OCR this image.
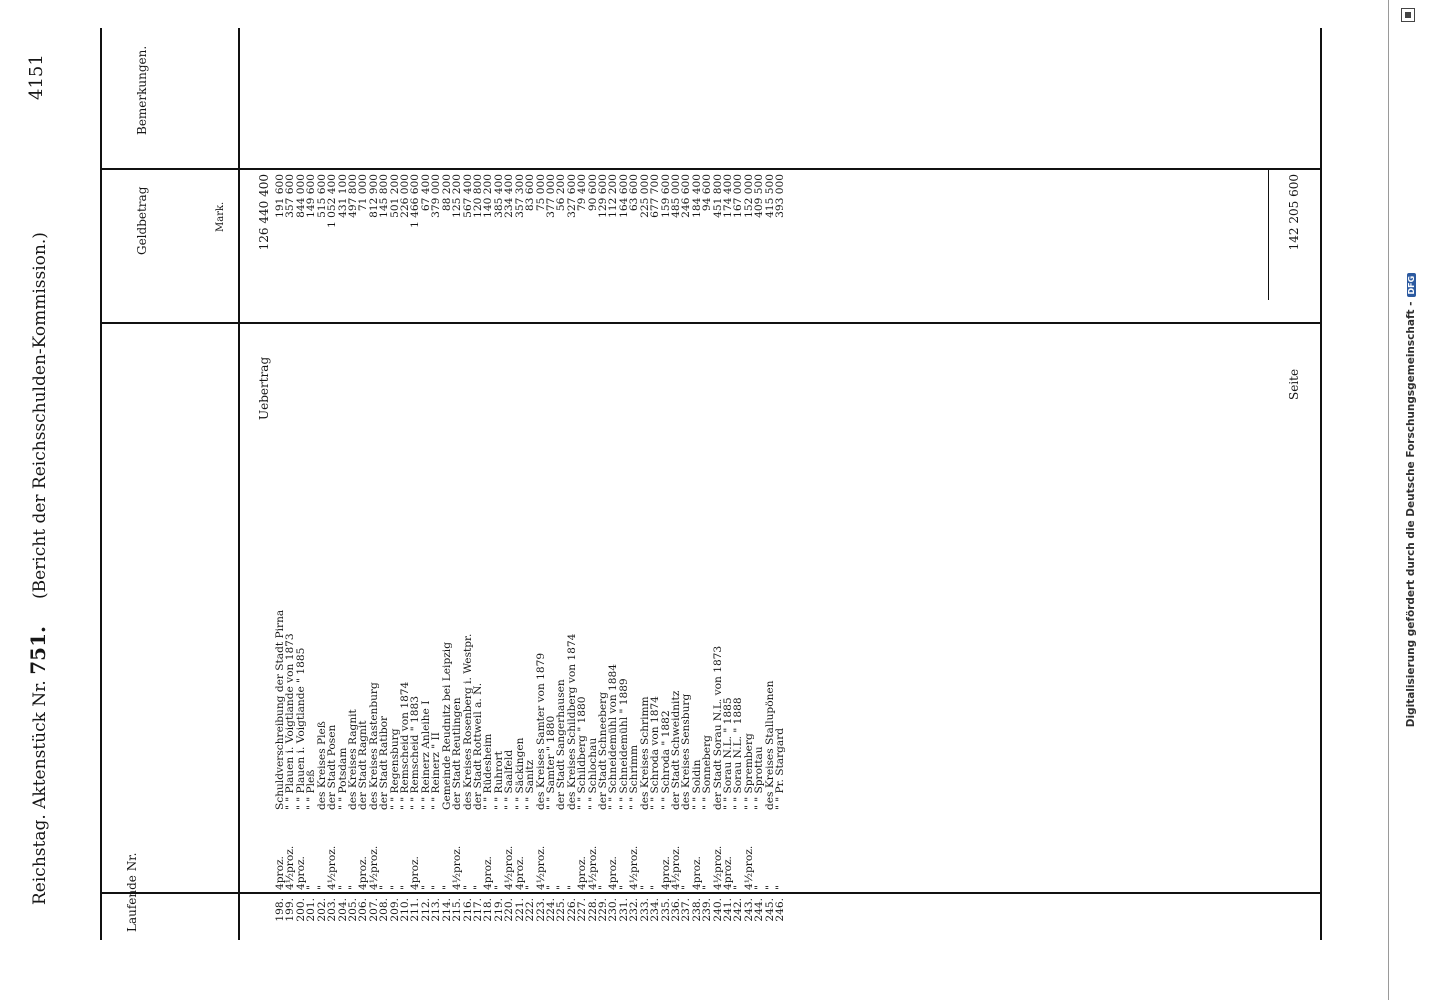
Digitalisierung gefördert durch die Deutsche Forschungsgemeinschaft -DFG
Reichstag. Aktenstück Nr. 751.     (Bericht der Reichsschulden-Kommission.)
4151
Laufende Nr.
Geldbetrag	Mark.
Bemerkungen.
Uebertrag
126 440 400
198.
4proz.
Schuldverschreibung der Stadt Pirna
191 600
199.
4½proz.
" " Plauen i. Voigtlande von 1873
357 600
200.
4proz.
" " Plauen i. Voigtlande " 1885
844 000
201.
"
" " Pleß
149 600
202.
"
des Kreises Pleß
515 600
203.
4½proz.
der Stadt Posen
1 052 400
204.
"
" " Potsdam
431 100
205.
"
des Kreises Ragnit
497 800
206.
4proz.
der Stadt Ragnit
71 000
207.
4½proz.
des Kreises Rastenburg
812 900
208.
"
der Stadt Ratibor
145 800
209.
"
" " Regensburg
501 200
210.
"
" " Remscheid von 1874
226 000
211.
4proz.
" " Remscheid " 1883
1 466 600
212.
"
" " Reinerz Anleihe I
67 400
213.
"
" " Reinerz " II
379 000
214.
"
Gemeinde Reudnitz bei Leipzig
88 200
215.
4½proz.
der Stadt Reutlingen
125 200
216.
"
des Kreises Rosenberg i. Westpr.
567 400
217.
"
der Stadt Rottweil a. N.
120 800
218.
4proz.
" " Rüdesheim
140 200
219.
"
" " Ruhrort
385 400
220.
4½proz.
" " Saalfeld
234 400
221.
4proz.
" " Säckingen
357 300
222.
"
" " Sanitz
83 600
223.
4½proz.
des Kreises Samter von 1879
75 000
224.
"
" " Samter " 1880
377 000
225.
"
der Stadt Sangerhausen
56 200
226.
"
des Kreises Schildberg von 1874
327 600
227.
4proz.
" " Schildberg " 1880
79 400
228.
4½proz.
" " Schlochau
90 600
229.
"
der Stadt Schneeberg
129 600
230.
4proz.
" " Schneidemühl von 1884
112 200
231.
"
" " Schneidemühl " 1889
164 600
232.
4½proz.
" " Schrimm
63 600
233.
"
des Kreises Schrimm
225 000
234.
"
" " Schroda von 1874
677 700
235.
4proz.
" " Schroda " 1882
159 600
236.
4½proz.
der Stadt Schweidnitz
485 000
237.
"
des Kreises Sensburg
246 600
238.
4proz.
" " Soldin
184 400
239.
"
" " Sonneberg
94 600
240.
4½proz.
der Stadt Sorau N.L. von 1873
451 800
241.
4proz.
" " Sorau N.L. " 1885
174 400
242.
"
" " Sorau N.L. " 1888
167 000
243.
4½proz.
" " Spremberg
152 000
244.
"
" " Sprottau
409 500
245.
"
des Kreises Stallupönen
415 500
246.
"
" " Pr. Stargard
393 000
Seite
142 205 600
